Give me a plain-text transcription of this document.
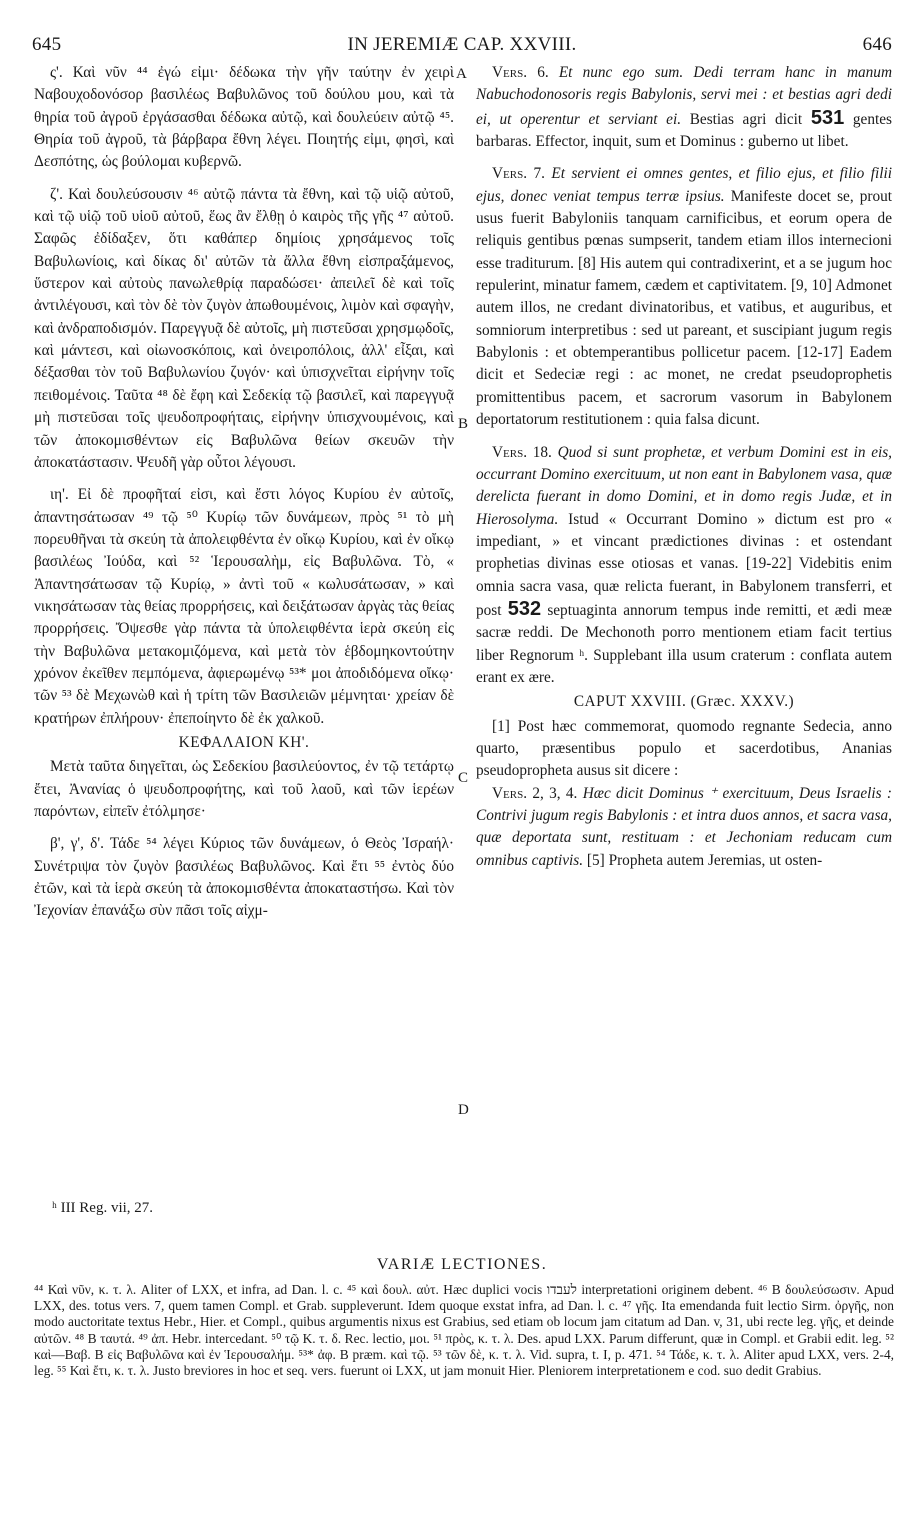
645	IN JEREMIÆ CAP. XXVIII.	646
A
B
C
D

ς'. Καὶ νῦν ⁴⁴ ἐγώ εἰμι· δέδωκα τὴν γῆν ταύτην ἐν χειρὶ Ναβουχοδονόσορ βασιλέως Βαβυλῶνος τοῦ δούλου μου, καὶ τὰ θηρία τοῦ ἀγροῦ ἐργάσασθαι δέδωκα αὐτῷ, καὶ δουλεύειν αὐτῷ ⁴⁵. Θηρία τοῦ ἀγροῦ, τὰ βάρβαρα ἔθνη λέγει. Ποιητής εἰμι, φησὶ, καὶ Δεσπότης, ὡς βούλομαι κυβερνῶ.

ζ'. Καὶ δουλεύσουσιν ⁴⁶ αὐτῷ πάντα τὰ ἔθνη, καὶ τῷ υἱῷ αὐτοῦ, καὶ τῷ υἱῷ τοῦ υἱοῦ αὐτοῦ, ἕως ἂν ἔλθῃ ὁ καιρὸς τῆς γῆς ⁴⁷ αὐτοῦ. Σαφῶς ἐδίδαξεν, ὅτι καθάπερ δημίοις χρησάμενος τοῖς Βαβυλωνίοις, καὶ δίκας δι' αὐτῶν τὰ ἄλλα ἔθνη εἰσπραξάμενος, ὕστερον καὶ αὐτοὺς πανωλεθρίᾳ παραδώσει· ἀπειλεῖ δὲ καὶ τοῖς ἀντιλέγουσι, καὶ τὸν δὲ τὸν ζυγὸν ἀπωθουμένοις, λιμὸν καὶ σφαγὴν, καὶ ἀνδραποδισμόν. Παρεγγυᾷ δὲ αὐτοῖς, μὴ πιστεῦσαι χρησμῳδοῖς, καὶ μάντεσι, καὶ οἰωνοσκόποις, καὶ ὀνειροπόλοις, ἀλλ' εἶξαι, καὶ δέξασθαι τὸν τοῦ Βαβυλωνίου ζυγόν· καὶ ὑπισχνεῖται εἰρήνην τοῖς πειθομένοις. Ταῦτα ⁴⁸ δὲ ἔφη καὶ Σεδεκίᾳ τῷ βασιλεῖ, καὶ παρεγγυᾷ μὴ πιστεῦσαι τοῖς ψευδοπροφήταις, εἰρήνην ὑπισχνουμένοις, καὶ τῶν ἀποκομισθέντων εἰς Βαβυλῶνα θείων σκευῶν τὴν ἀποκατάστασιν. Ψευδῆ γὰρ οὗτοι λέγουσι.

ιη'. Εἰ δὲ προφῆταί εἰσι, καὶ ἔστι λόγος Κυρίου ἐν αὐτοῖς, ἀπαντησάτωσαν ⁴⁹ τῷ ⁵⁰ Κυρίῳ τῶν δυνάμεων, πρὸς ⁵¹ τὸ μὴ πορευθῆναι τὰ σκεύη τὰ ἀπολειφθέντα ἐν οἴκῳ Κυρίου, καὶ ἐν οἴκῳ βασιλέως Ἰούδα, καὶ ⁵² Ἱερουσαλὴμ, εἰς Βαβυλῶνα. Τὸ, « Ἀπαντησάτωσαν τῷ Κυρίῳ, » ἀντὶ τοῦ « κωλυσάτωσαν, » καὶ νικησάτωσαν τὰς θείας προρρήσεις, καὶ δειξάτωσαν ἀργὰς τὰς θείας προρρήσεις. Ὄψεσθε γὰρ πάντα τὰ ὑπολειφθέντα ἱερὰ σκεύη εἰς τὴν Βαβυλῶνα μετακομιζόμενα, καὶ μετὰ τὸν ἑβδομηκοντούτην χρόνον ἐκεῖθεν πεμπόμενα, ἀφιερωμένῳ ⁵³* μοι ἀποδιδόμενα οἴκῳ· τῶν ⁵³ δὲ Μεχωνὼθ καὶ ἡ τρίτη τῶν Βασιλειῶν μέμνηται· χρείαν δὲ κρατήρων ἐπλήρουν· ἐπεποίηντο δὲ ἐκ χαλκοῦ.

ΚΕΦΑΛΑΙΟΝ ΚΗ'.

Μετὰ ταῦτα διηγεῖται, ὡς Σεδεκίου βασιλεύοντος, ἐν τῷ τετάρτῳ ἔτει, Ἀνανίας ὁ ψευδοπροφήτης, καὶ τοῦ λαοῦ, καὶ τῶν ἱερέων παρόντων, εἰπεῖν ἐτόλμησε·

β', γ', δ'. Τάδε ⁵⁴ λέγει Κύριος τῶν δυνάμεων, ὁ Θεὸς Ἰσραήλ· Συνέτριψα τὸν ζυγὸν βασιλέως Βαβυλῶνος. Καὶ ἔτι ⁵⁵ ἐντὸς δύο ἐτῶν, καὶ τὰ ἱερὰ σκεύη τὰ ἀποκομισθέντα ἀποκαταστήσω. Καὶ τὸν Ἰεχονίαν ἐπανάξω σὺν πᾶσι τοῖς αἰχμ-

Vers. 6. Et nunc ego sum. Dedi terram hanc in manum Nabuchodonosoris regis Babylonis, servi mei : et bestias agri dedi ei, ut operentur et serviant ei. Bestias agri dicit 531 gentes barbaras. Effector, inquit, sum et Dominus : guberno ut libet.

Vers. 7. Et servient ei omnes gentes, et filio ejus, et filio filii ejus, donec veniat tempus terræ ipsius. Manifeste docet se, prout usus fuerit Babyloniis tanquam carnificibus, et eorum opera de reliquis gentibus pœnas sumpserit, tandem etiam illos internecioni esse traditurum. [8] His autem qui contradixerint, et a se jugum hoc repulerint, minatur famem, cædem et captivitatem. [9, 10] Admonet autem illos, ne credant divinatoribus, et vatibus, et auguribus, et somniorum interpretibus : sed ut pareant, et suscipiant jugum regis Babylonis : et obtemperantibus pollicetur pacem. [12-17] Eadem dicit et Sedeciæ regi : ac monet, ne credat pseudoprophetis promittentibus pacem, et sacrorum vasorum in Babylonem deportatorum restitutionem : quia falsa dicunt.

Vers. 18. Quod si sunt prophetæ, et verbum Domini est in eis, occurrant Domino exercituum, ut non eant in Babylonem vasa, quæ derelicta fuerant in domo Domini, et in domo regis Judæ, et in Hierosolyma. Istud « Occurrant Domino » dictum est pro « impediant, » et vincant prædictiones divinas : et ostendant prophetias divinas esse otiosas et vanas. [19-22] Videbitis enim omnia sacra vasa, quæ relicta fuerant, in Babylonem transferri, et post 532 septuaginta annorum tempus inde remitti, et ædi meæ sacræ reddi. De Mechonoth porro mentionem etiam facit tertius liber Regnorum ʰ. Supplebant illa usum craterum : conflata autem erant ex ære.

CAPUT XXVIII. (Græc. XXXV.)

[1] Post hæc commemorat, quomodo regnante Sedecia, anno quarto, præsentibus populo et sacerdotibus, Ananias pseudopropheta ausus sit dicere :

Vers. 2, 3, 4. Hæc dicit Dominus ⁺ exercituum, Deus Israelis : Contrivi jugum regis Babylonis : et intra duos annos, et sacra vasa, quæ deportata sunt, restituam : et Jechoniam reducam cum omnibus captivis. [5] Propheta autem Jeremias, ut osten-

ʰ III Reg. vii, 27.
VARIÆ LECTIONES.

⁴⁴ Καὶ νῦν, κ. τ. λ. Aliter of LXX, et infra, ad Dan. l. c. ⁴⁵ καὶ δουλ. αὐτ. Hæc duplici vocis לעבדו interpretationi originem debent. ⁴⁶ B δουλεύσωσιν. Apud LXX, des. totus vers. 7, quem tamen Compl. et Grab. suppleverunt. Idem quoque exstat infra, ad Dan. l. c. ⁴⁷ γῆς. Ita emendanda fuit lectio Sirm. ὀργῆς, non modo auctoritate textus Hebr., Hier. et Compl., quibus argumentis nixus est Grabius, sed etiam ob locum jam citatum ad Dan. v, 31, ubi recte leg. γῆς, et deinde αὐτῶν. ⁴⁸ B ταυτά. ⁴⁹ ἀπ. Hebr. intercedant. ⁵⁰ τῷ K. τ. δ. Rec. lectio, μοι. ⁵¹ πρὸς, κ. τ. λ. Des. apud LXX. Parum differunt, quæ in Compl. et Grabii edit. leg. ⁵² καὶ—Βαβ. B εἰς Βαβυλῶνα καὶ ἐν Ἱερουσαλήμ. ⁵³* ἀφ. B præm. καὶ τῷ. ⁵³ τῶν δὲ, κ. τ. λ. Vid. supra, t. I, p. 471. ⁵⁴ Τάδε, κ. τ. λ. Aliter apud LXX, vers. 2-4, leg. ⁵⁵ Καὶ ἔτι, κ. τ. λ. Justo breviores in hoc et seq. vers. fuerunt oi LXX, ut jam monuit Hier. Pleniorem interpretationem e cod. suo dedit Grabius.
